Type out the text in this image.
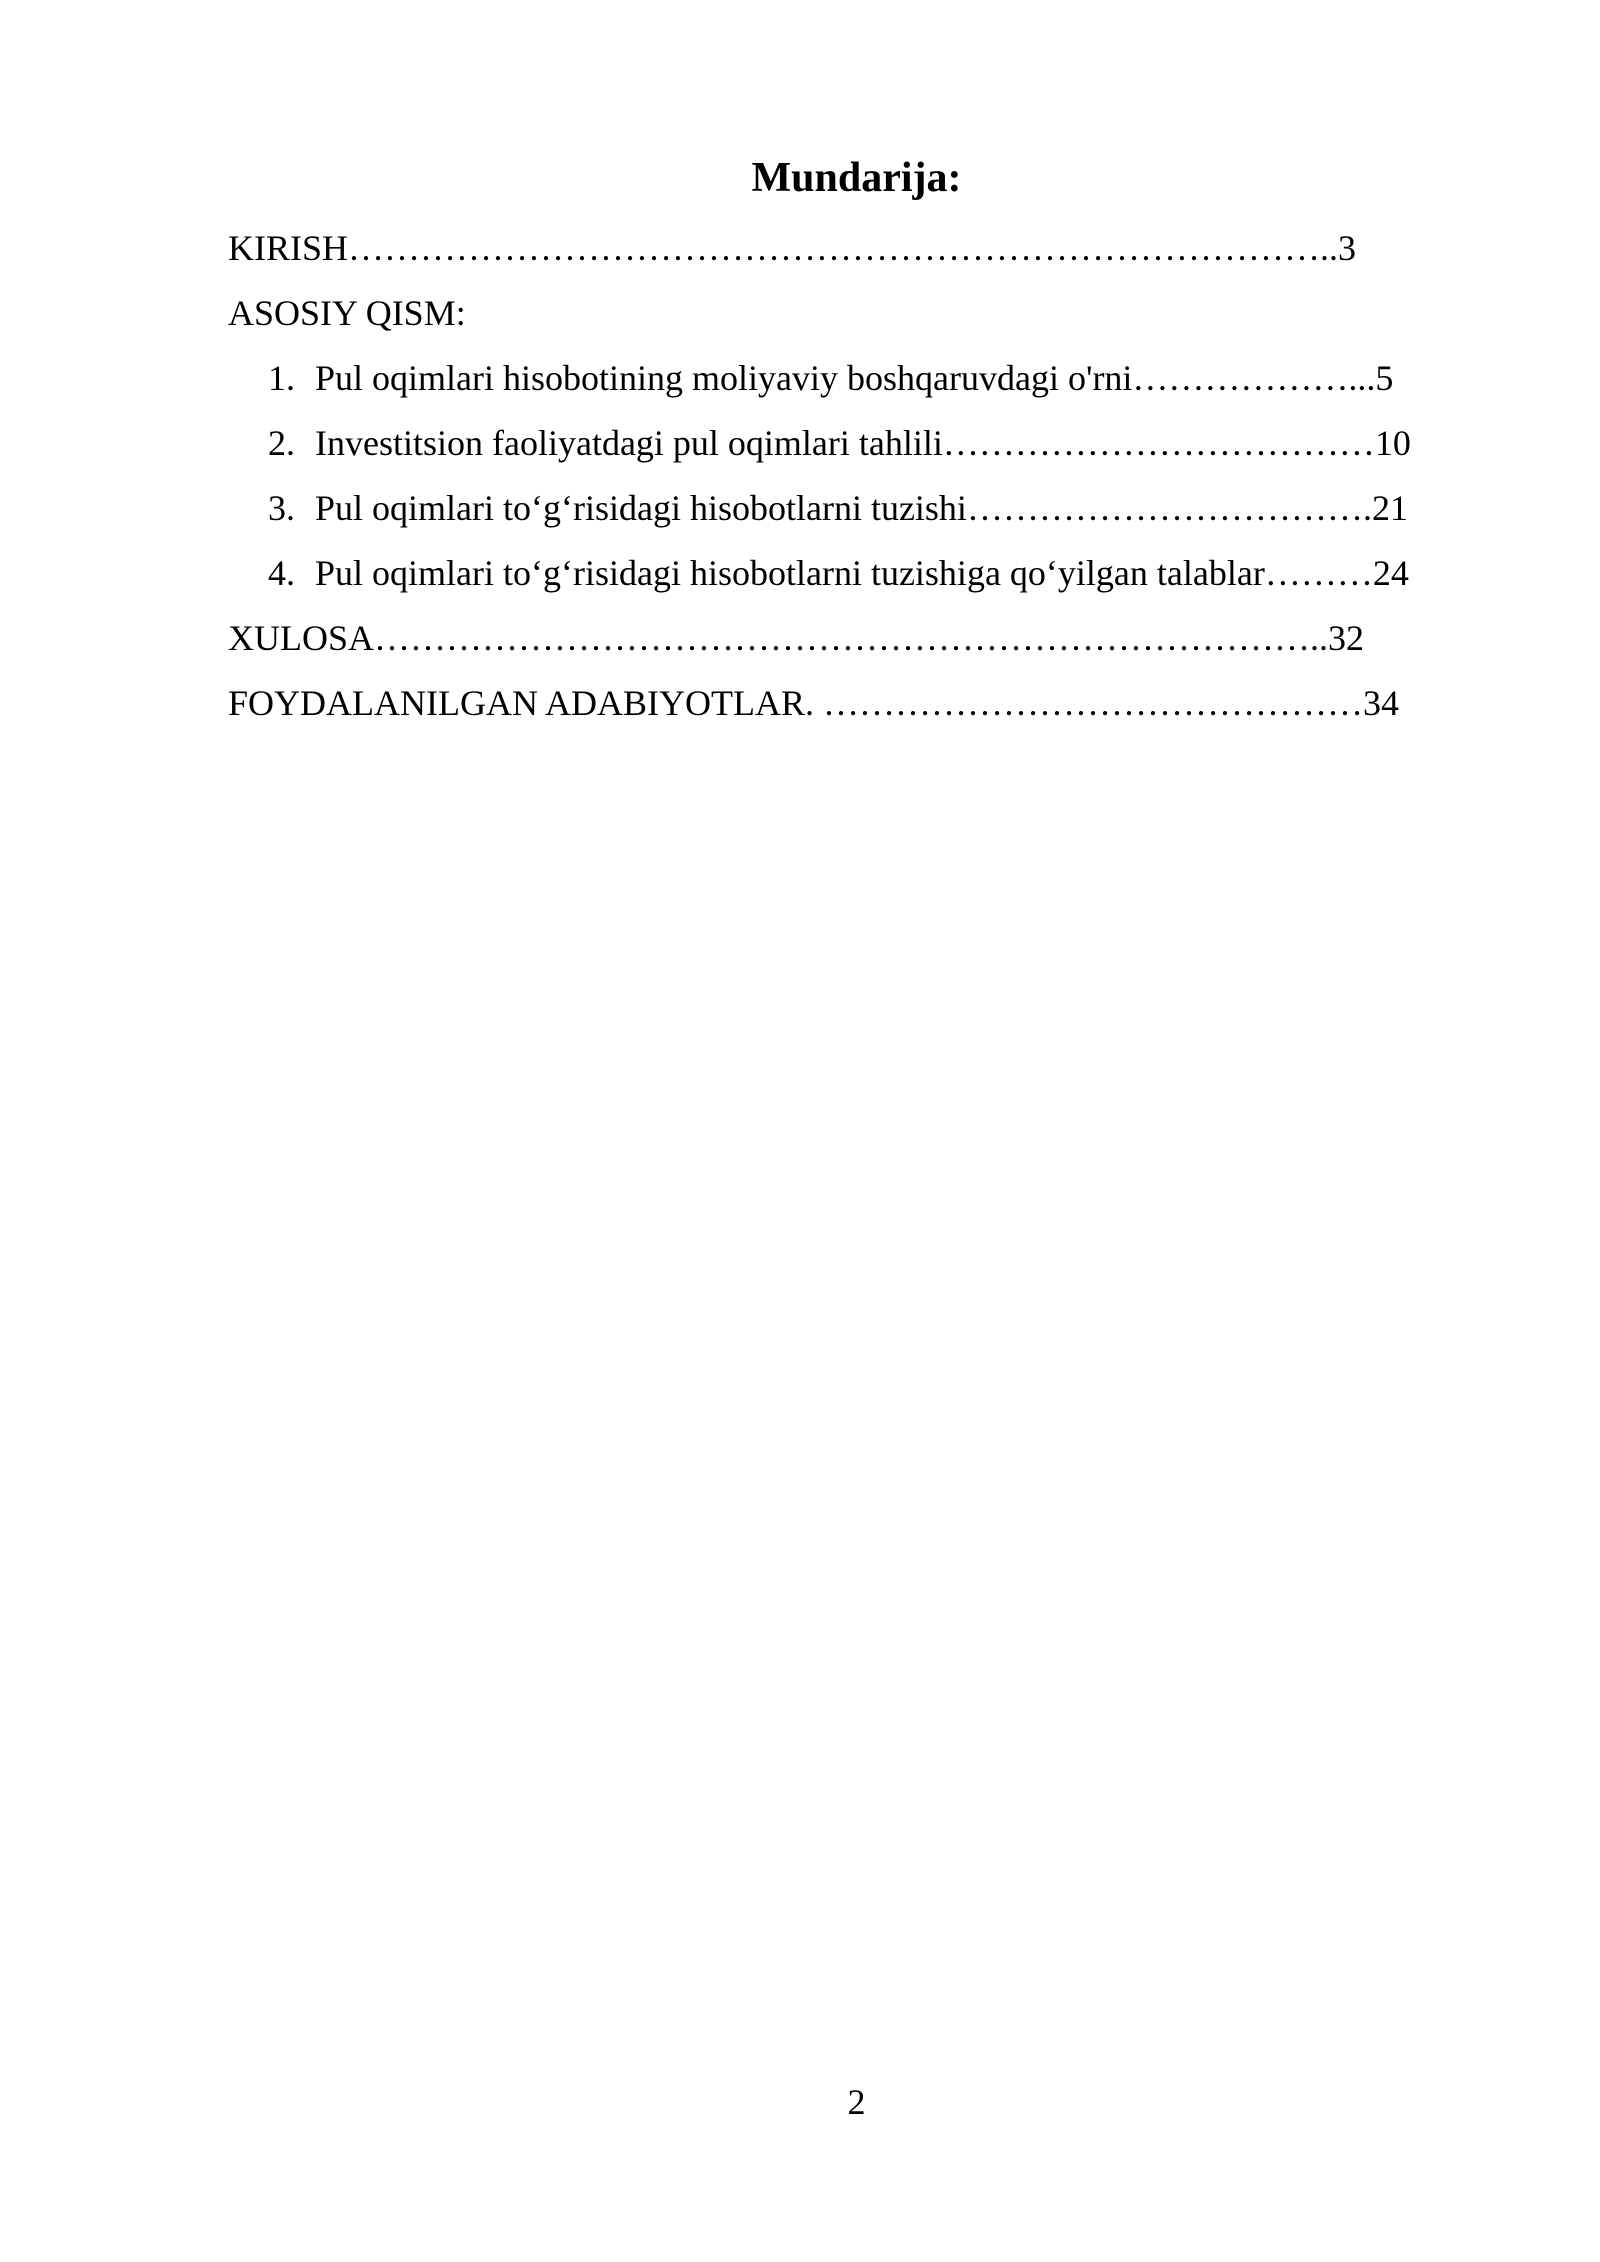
Mundarija:
KIRISH………………………………………………………………………..3
ASOSIY QISM:
1. Pul oqimlari hisobotining moliyaviy boshqaruvdagi o'rni………………...5
2. Investitsion faoliyatdagi pul oqimlari tahlili………………………………10
3. Pul oqimlari to‘g‘risidagi hisobotlarni tuzishi…………………………….21
4. Pul oqimlari to‘g‘risidagi hisobotlarni tuzishiga qo‘yilgan talablar………24
XULOSA……………………………………………………………………..32
FOYDALANILGAN ADABIYOTLAR. ………………………………………34
2
